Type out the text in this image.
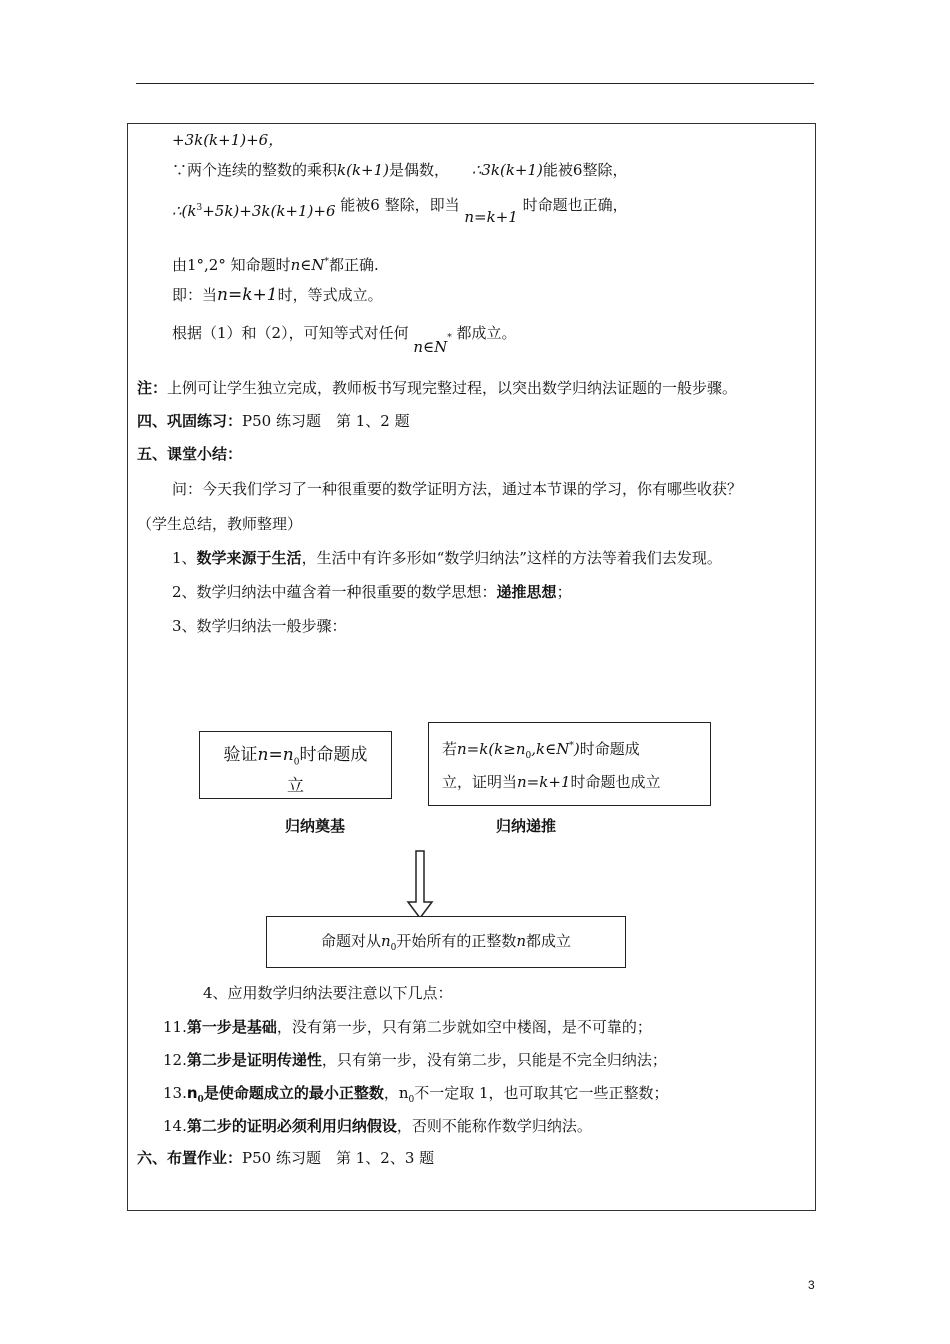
+3k(k+1)+6，
∵两个连续的整数的乘积k(k+1)是偶数， ∴3k(k+1)能被6整除，
$\therefore(k^3+5k)+3k(k+1)+6$ 能被6 整除，即当 n=k+1 时命题也正确，
由1°,2° 知命题时n∈N*都正确.
即：当n=k+1时，等式成立。
根据（1）和（2），可知等式对任何 n∈N* 都成立。
注：上例可让学生独立完成，教师板书写现完整过程，以突出数学归纳法证题的一般步骤。
四、巩固练习：P50 练习题　第 1、2 题
五、课堂小结：
问：今天我们学习了一种很重要的数学证明方法，通过本节课的学习，你有哪些收获？
（学生总结，教师整理）
1、数学来源于生活，生活中有许多形如“数学归纳法”这样的方法等着我们去发现。
2、数学归纳法中蕴含着一种很重要的数学思想：递推思想；
3、数学归纳法一般步骤：
验证$n=n_0$时命题成
立
若$n=k(k\ge n_0,k\in N^*)$时命题成
立，证明当n=k+1时命题也成立
归纳奠基	归纳递推
命题对从$n_0$开始所有的正整数n都成立
4、应用数学归纳法要注意以下几点：
11.第一步是基础，没有第一步，只有第二步就如空中楼阁，是不可靠的；
12.第二步是证明传递性，只有第一步，没有第二步，只能是不完全归纳法；
$13.n_0$是使命题成立的最小正整数，$n_0$不一定取 1，也可取其它一些正整数；
14.第二步的证明必须利用归纳假设，否则不能称作数学归纳法。
六、布置作业：P50 练习题　第 1、2、3 题
3
